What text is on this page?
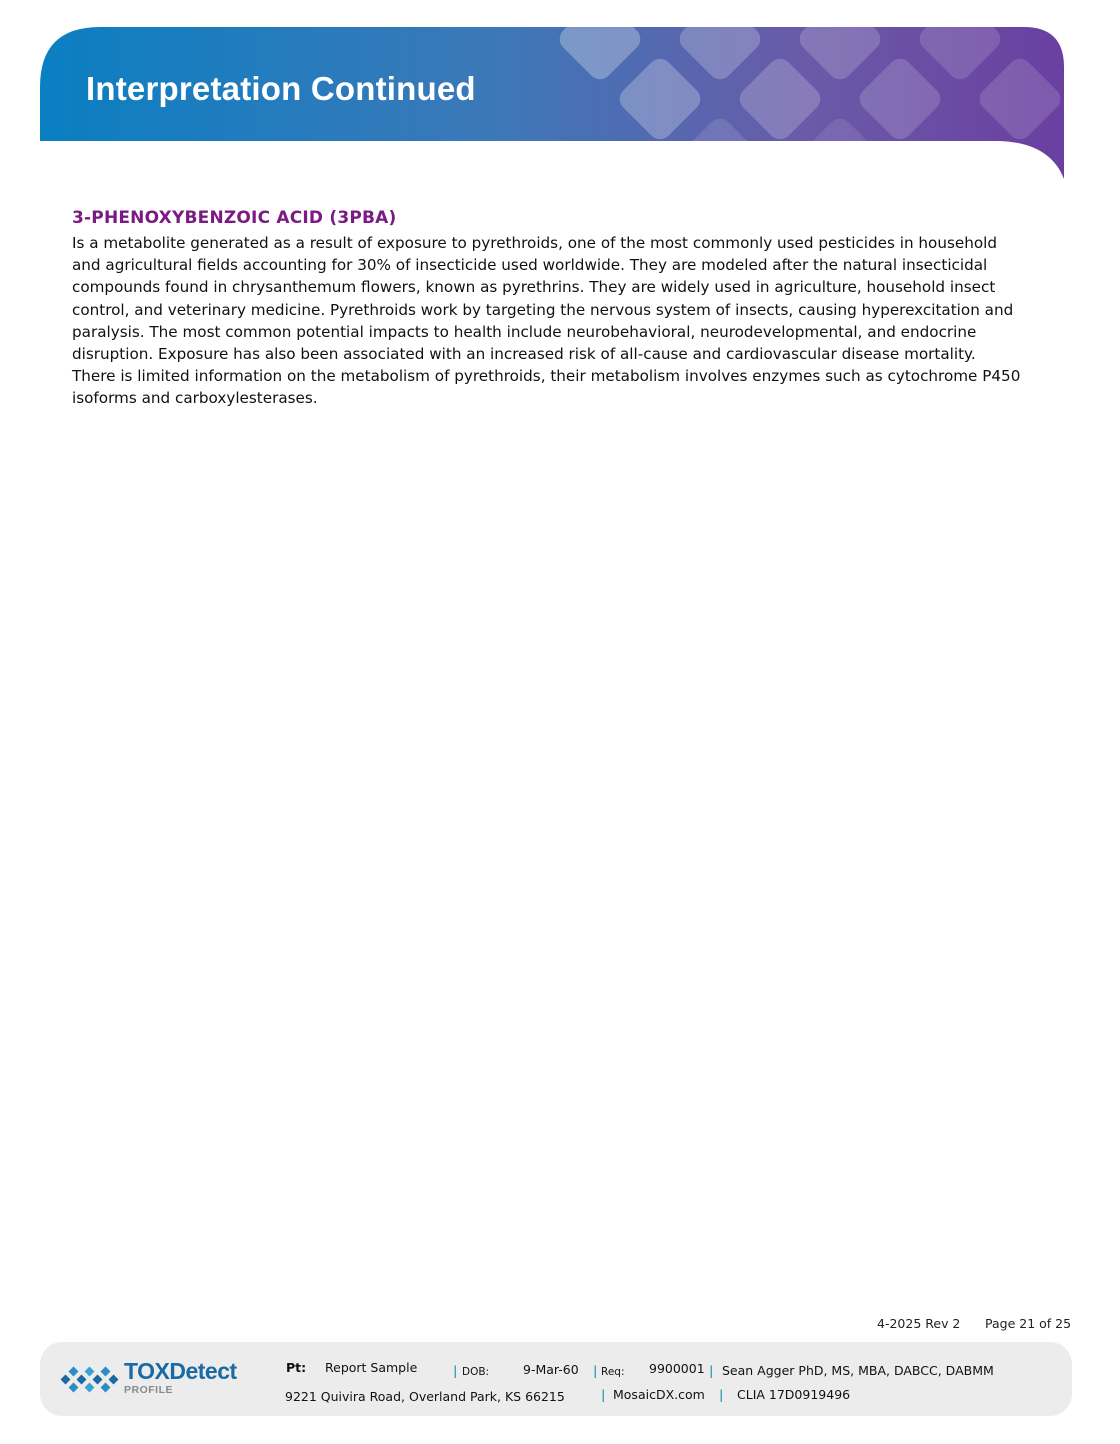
Interpretation Continued
3-PHENOXYBENZOIC ACID (3PBA)

Is a metabolite generated as a result of exposure to pyrethroids, one of the most commonly used pesticides in household and agricultural fields accounting for 30% of insecticide used worldwide. They are modeled after the natural insecticidal compounds found in chrysanthemum flowers, known as pyrethrins. They are widely used in agriculture, household insect control, and veterinary medicine. Pyrethroids work by targeting the nervous system of insects, causing hyperexcitation and paralysis. The most common potential impacts to health include neurobehavioral, neurodevelopmental, and endocrine disruption. Exposure has also been associated with an increased risk of all-cause and cardiovascular disease mortality. There is limited information on the metabolism of pyrethroids, their metabolism involves enzymes such as cytochrome P450 isoforms and carboxylesterases.

4-2025 Rev 2 Page 21 of 25
TOXDetect
PROFILE
Pt: Report Sample	| DOB:	9-Mar-60 | Req: 9900001 | Sean Agger PhD, MS, MBA, DABCC, DABMM
9221 Quivira Road, Overland Park, KS 66215	| MosaicDX.com | CLIA 17D0919496
